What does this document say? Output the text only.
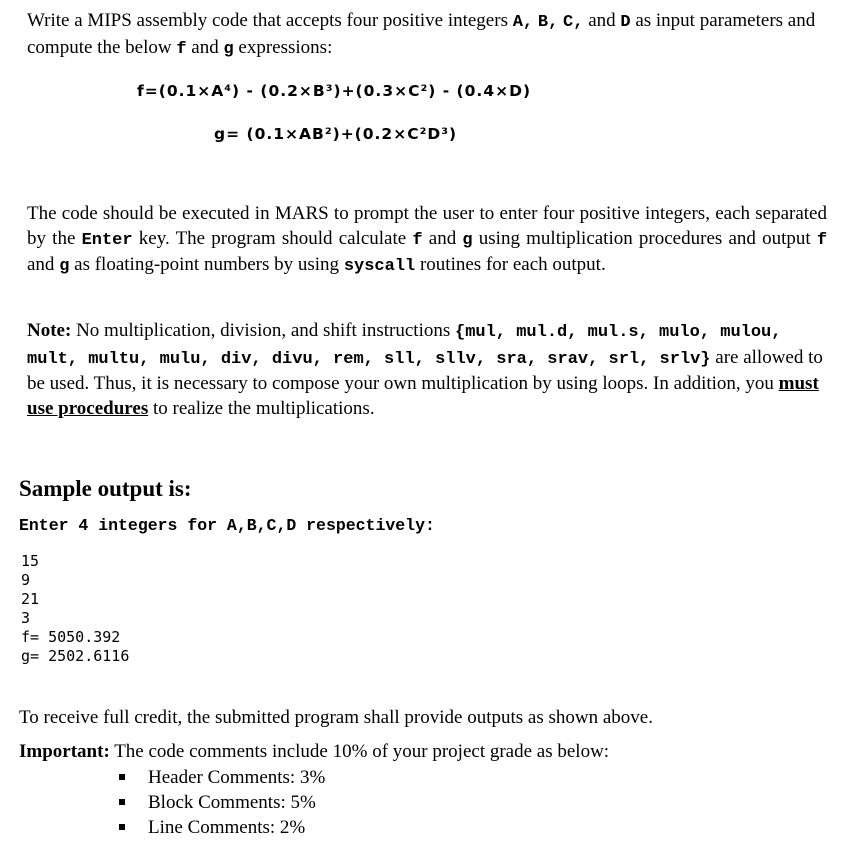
Write a MIPS assembly code that accepts four positive integers A, B, C, and D as input parameters and compute the below f and g expressions:

f=(0.1×A⁴) - (0.2×B³)+(0.3×C²) - (0.4×D)
g= (0.1×AB²)+(0.2×C²D³)

The code should be executed in MARS to prompt the user to enter four positive integers, each separated by the Enter key. The program should calculate f and g using multiplication procedures and output f and g as floating-point numbers by using syscall routines for each output.

Note: No multiplication, division, and shift instructions {mul, mul.d, mul.s, mulo, mulou, mult, multu, mulu, div, divu, rem, sll, sllv, sra, srav, srl, srlv} are allowed to be used. Thus, it is necessary to compose your own multiplication by using loops. In addition, you must use procedures to realize the multiplications.

Sample output is:
Enter 4 integers for A,B,C,D respectively:
15
9
21
3
f= 5050.392
g= 2502.6116
To receive full credit, the submitted program shall provide outputs as shown above.
Important: The code comments include 10% of your project grade as below:
Header Comments: 3%
Block Comments: 5%
Line Comments: 2%
